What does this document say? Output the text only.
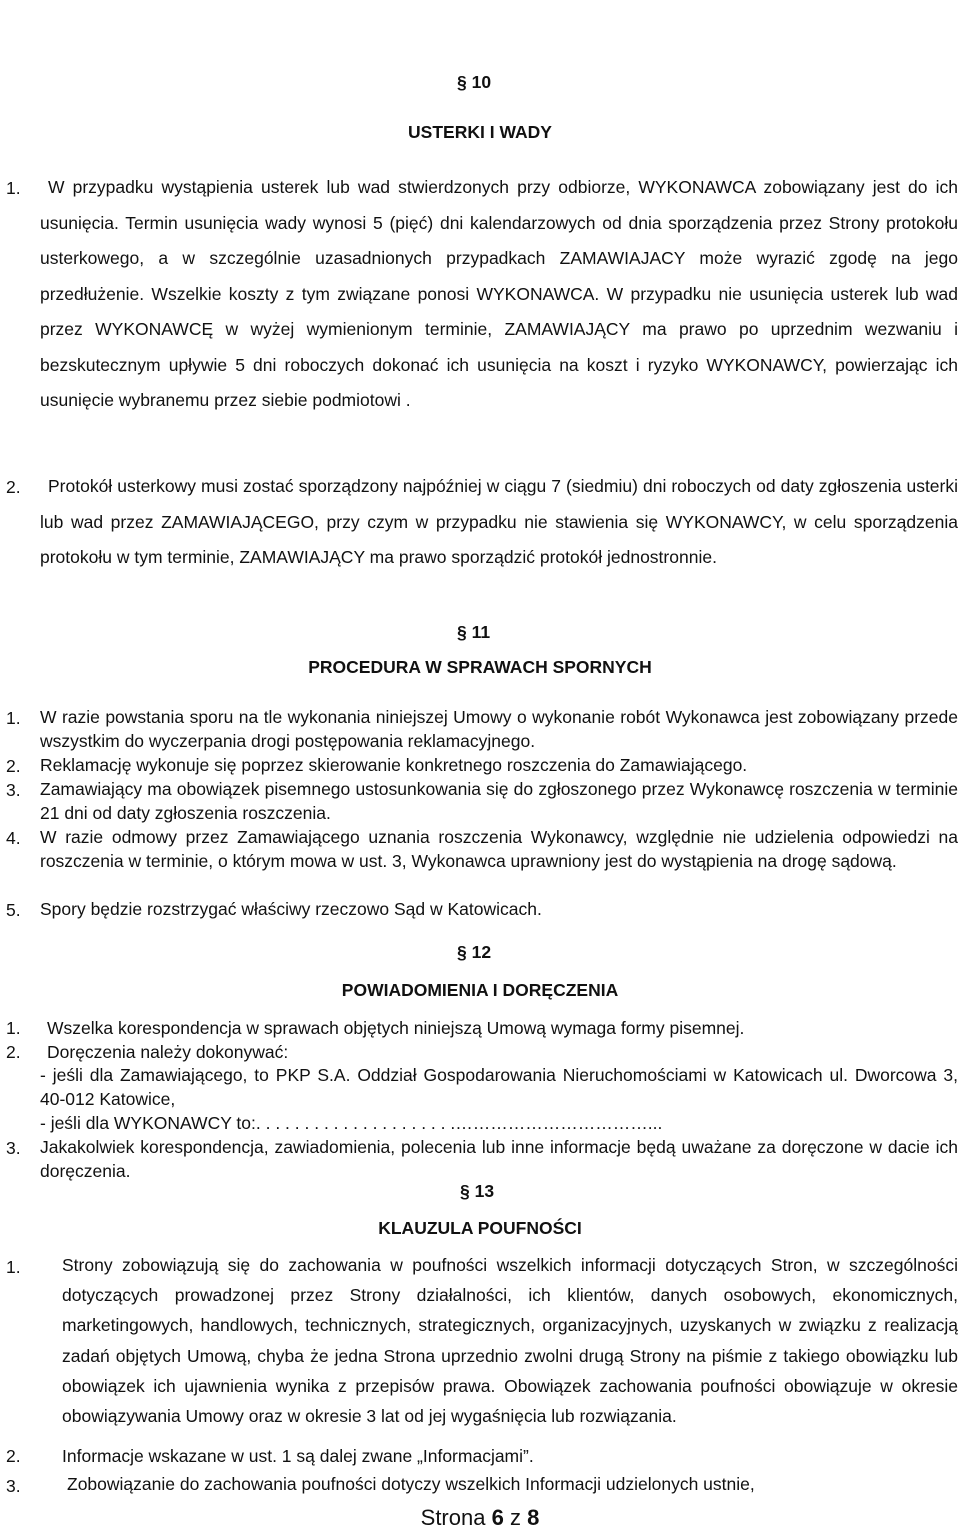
§ 10
USTERKI I WADY
1.	W przypadku wystąpienia usterek lub wad stwierdzonych przy odbiorze, WYKONAWCA zobowiązany jest do ich usunięcia. Termin usunięcia wady wynosi 5 (pięć) dni kalendarzowych od dnia sporządzenia przez Strony protokołu usterkowego, a w szczególnie uzasadnionych przypadkach ZAMAWIAJACY może wyrazić zgodę na jego przedłużenie. Wszelkie koszty z tym związane ponosi WYKONAWCA. W przypadku nie usunięcia usterek lub wad przez WYKONAWCĘ w wyżej wymienionym terminie, ZAMAWIAJĄCY ma prawo po uprzednim wezwaniu i bezskutecznym upływie 5 dni roboczych dokonać ich usunięcia na koszt i ryzyko WYKONAWCY, powierzając ich usunięcie wybranemu przez siebie podmiotowi .
2.	Protokół usterkowy musi zostać sporządzony najpóźniej w ciągu 7 (siedmiu) dni roboczych od daty zgłoszenia usterki lub wad przez ZAMAWIAJĄCEGO, przy czym w przypadku nie stawienia się WYKONAWCY, w celu sporządzenia protokołu w tym terminie, ZAMAWIAJĄCY ma prawo sporządzić protokół jednostronnie.
§ 11
PROCEDURA W SPRAWACH SPORNYCH
1. W razie powstania sporu na tle wykonania niniejszej Umowy o wykonanie robót Wykonawca jest zobowiązany przede wszystkim do wyczerpania drogi postępowania reklamacyjnego.
2. Reklamację wykonuje się poprzez skierowanie konkretnego roszczenia do Zamawiającego.
3. Zamawiający ma obowiązek pisemnego ustosunkowania się do zgłoszonego przez Wykonawcę roszczenia w terminie 21 dni od daty zgłoszenia roszczenia.
4. W razie odmowy przez Zamawiającego uznania roszczenia Wykonawcy, względnie nie udzielenia odpowiedzi na roszczenia w terminie, o którym mowa w ust. 3, Wykonawca uprawniony jest do wystąpienia na drogę sądową.
5. Spory będzie rozstrzygać właściwy rzeczowo Sąd w Katowicach.
§ 12
POWIADOMIENIA I DORĘCZENIA
1. Wszelka korespondencja w sprawach objętych niniejszą Umową wymaga formy pisemnej.
2. Doręczenia należy dokonywać:
- jeśli dla Zamawiającego, to PKP S.A. Oddział Gospodarowania Nieruchomościami w Katowicach ul. Dworcowa 3, 40-012 Katowice,
- jeśli dla WYKONAWCY to:. . . . . . . . . . . . . . . . . . . . .……………………………...
3. Jakakolwiek korespondencja, zawiadomienia, polecenia lub inne informacje będą uważane za doręczone w dacie ich doręczenia.
§ 13
KLAUZULA POUFNOŚCI
1. Strony zobowiązują się do zachowania w poufności wszelkich informacji dotyczących Stron, w szczególności dotyczących prowadzonej przez Strony działalności, ich klientów, danych osobowych, ekonomicznych, marketingowych, handlowych, technicznych, strategicznych, organizacyjnych, uzyskanych w związku z realizacją zadań objętych Umową, chyba że jedna Strona uprzednio zwolni drugą Strony na piśmie z takiego obowiązku lub obowiązek ich ujawnienia wynika z przepisów prawa. Obowiązek zachowania poufności obowiązuje w okresie obowiązywania Umowy oraz w okresie 3 lat od jej wygaśnięcia lub rozwiązania.
2. Informacje wskazane w ust. 1 są dalej zwane „Informacjami”.
3.	Zobowiązanie do zachowania poufności dotyczy wszelkich Informacji udzielonych ustnie,
Strona 6 z 8
